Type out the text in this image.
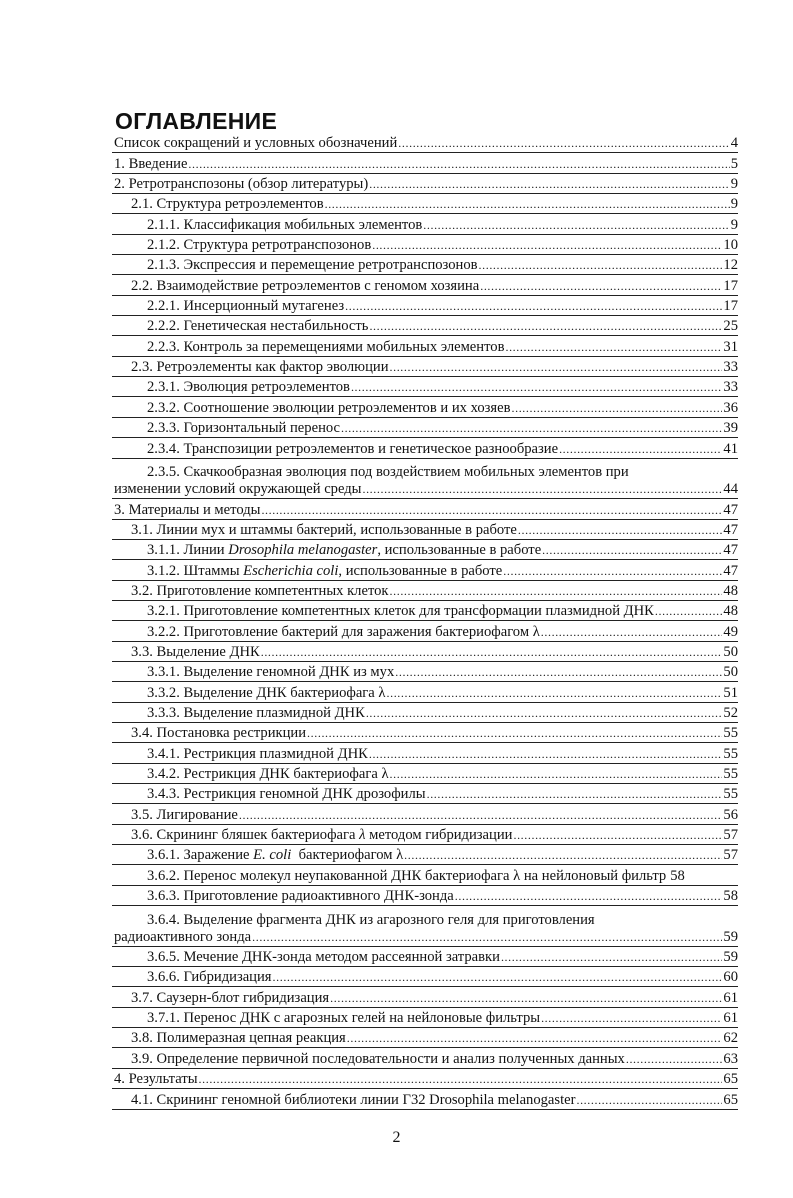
ОГЛАВЛЕНИЕ
Список сокращений и условных обозначений .....	4
1. Введение .....	5
2. Ретротранспозоны (обзор литературы) .....	9
2.1. Структура ретроэлементов .....	9
2.1.1. Классификация мобильных элементов .....	9
2.1.2. Структура ретротранспозонов .....	10
2.1.3. Экспрессия и перемещение ретротранспозонов .....	12
2.2. Взаимодействие ретроэлементов с геномом хозяина .....	17
2.2.1. Инсерционный мутагенез .....	17
2.2.2. Генетическая нестабильность .....	25
2.2.3. Контроль за перемещениями мобильных элементов .....	31
2.3. Ретроэлементы как фактор эволюции .....	33
2.3.1. Эволюция ретроэлементов .....	33
2.3.2. Соотношение эволюции ретроэлементов и их хозяев .....	36
2.3.3. Горизонтальный перенос .....	39
2.3.4. Транспозиции ретроэлементов и генетическое разнообразие .....	41
2.3.5. Скачкообразная эволюция под воздействием мобильных элементов при
изменении условий окружающей среды .....	44
3. Материалы и методы .....	47
3.1. Линии мух и штаммы бактерий, использованные в работе .....	47
3.1.1. Линии Drosophila melanogaster, использованные в работе .....	47
3.1.2. Штаммы Escherichia coli, использованные в работе .....	47
3.2. Приготовление компетентных клеток .....	48
3.2.1. Приготовление компетентных клеток для трансформации плазмидной ДНК .....	48
3.2.2. Приготовление бактерий для заражения бактериофагом λ .....	49
3.3. Выделение ДНК .....	50
3.3.1. Выделение геномной ДНК из мух .....	50
3.3.2. Выделение ДНК бактериофага λ .....	51
3.3.3. Выделение плазмидной ДНК .....	52
3.4. Постановка рестрикции .....	55
3.4.1. Рестрикция плазмидной ДНК .....	55
3.4.2. Рестрикция ДНК бактериофага λ .....	55
3.4.3. Рестрикция геномной ДНК дрозофилы .....	55
3.5. Лигирование .....	56
3.6. Скрининг бляшек бактериофага λ методом гибридизации .....	57
3.6.1. Заражение E. coli  бактериофагом λ .....	57
3.6.2. Перенос молекул неупакованной ДНК бактериофага λ на нейлоновый фильтр 58
3.6.3. Приготовление радиоактивного ДНК-зонда .....	58
3.6.4. Выделение фрагмента ДНК из агарозного геля для приготовления
радиоактивного зонда .....	59
3.6.5. Мечение ДНК-зонда методом рассеянной затравки .....	59
3.6.6. Гибридизация .....	60
3.7. Саузерн-блот гибридизация .....	61
3.7.1. Перенос ДНК с агарозных гелей на нейлоновые фильтры .....	61
3.8. Полимеразная цепная реакция .....	62
3.9. Определение первичной последовательности и анализ полученных данных .....	63
4. Результаты .....	65
4.1. Скрининг геномной библиотеки линии Г32 Drosophila melanogaster .....	65
2
